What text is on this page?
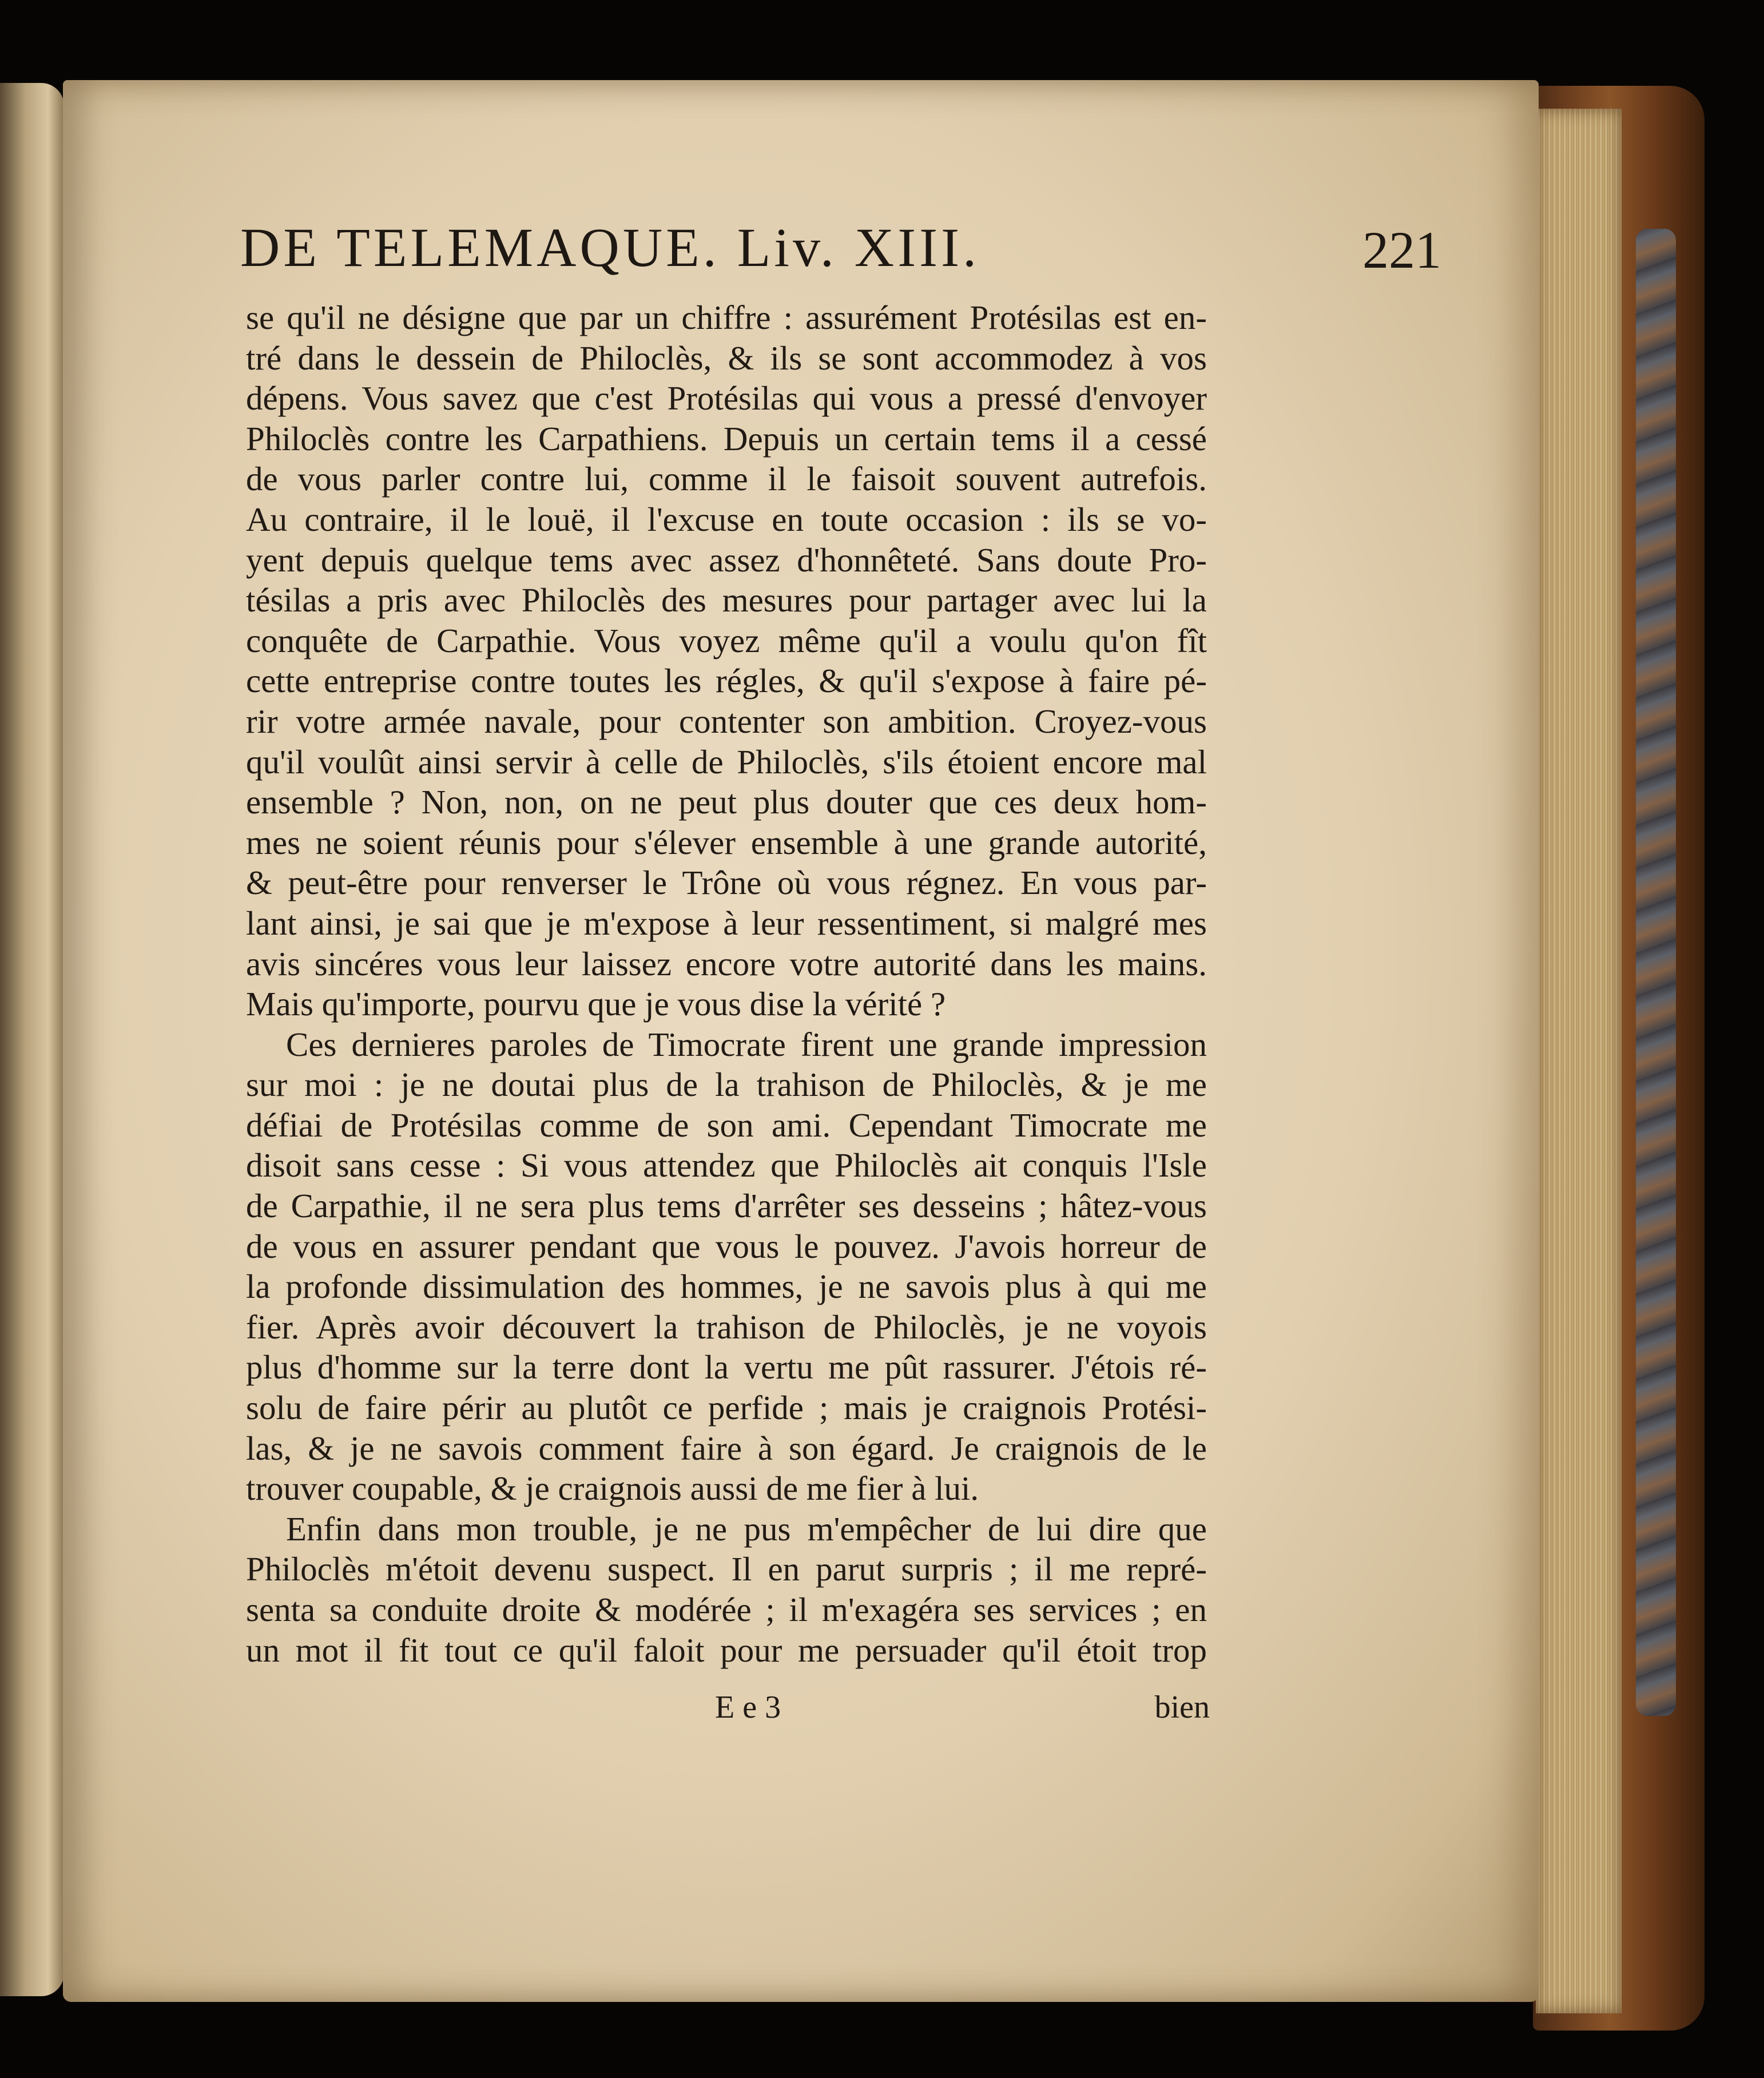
DE TELEMAQUE. Liv. XIII.	221
se qu'il ne désigne que par un chiffre : assurément Protésilas est en-
tré dans le dessein de Philoclès, & ils se sont accommodez à vos
dépens. Vous savez que c'est Protésilas qui vous a pressé d'envoyer
Philoclès contre les Carpathiens. Depuis un certain tems il a cessé
de vous parler contre lui, comme il le faisoit souvent autrefois.
Au contraire, il le louë, il l'excuse en toute occasion : ils se vo-
yent depuis quelque tems avec assez d'honnêteté. Sans doute Pro-
tésilas a pris avec Philoclès des mesures pour partager avec lui la
conquête de Carpathie. Vous voyez même qu'il a voulu qu'on fît
cette entreprise contre toutes les régles, & qu'il s'expose à faire pé-
rir votre armée navale, pour contenter son ambition. Croyez-vous
qu'il voulût ainsi servir à celle de Philoclès, s'ils étoient encore mal
ensemble ? Non, non, on ne peut plus douter que ces deux hom-
mes ne soient réunis pour s'élever ensemble à une grande autorité,
& peut-être pour renverser le Trône où vous régnez. En vous par-
lant ainsi, je sai que je m'expose à leur ressentiment, si malgré mes
avis sincéres vous leur laissez encore votre autorité dans les mains.
Mais qu'importe, pourvu que je vous dise la vérité ?
Ces dernieres paroles de Timocrate firent une grande impression
sur moi : je ne doutai plus de la trahison de Philoclès, & je me
défiai de Protésilas comme de son ami. Cependant Timocrate me
disoit sans cesse : Si vous attendez que Philoclès ait conquis l'Isle
de Carpathie, il ne sera plus tems d'arrêter ses desseins ; hâtez-vous
de vous en assurer pendant que vous le pouvez. J'avois horreur de
la profonde dissimulation des hommes, je ne savois plus à qui me
fier. Après avoir découvert la trahison de Philoclès, je ne voyois
plus d'homme sur la terre dont la vertu me pût rassurer. J'étois ré-
solu de faire périr au plutôt ce perfide ; mais je craignois Protési-
las, & je ne savois comment faire à son égard. Je craignois de le
trouver coupable, & je craignois aussi de me fier à lui.
Enfin dans mon trouble, je ne pus m'empêcher de lui dire que
Philoclès m'étoit devenu suspect. Il en parut surpris ; il me repré-
senta sa conduite droite & modérée ; il m'exagéra ses services ; en
un mot il fit tout ce qu'il faloit pour me persuader qu'il étoit trop
E e 3	bien
